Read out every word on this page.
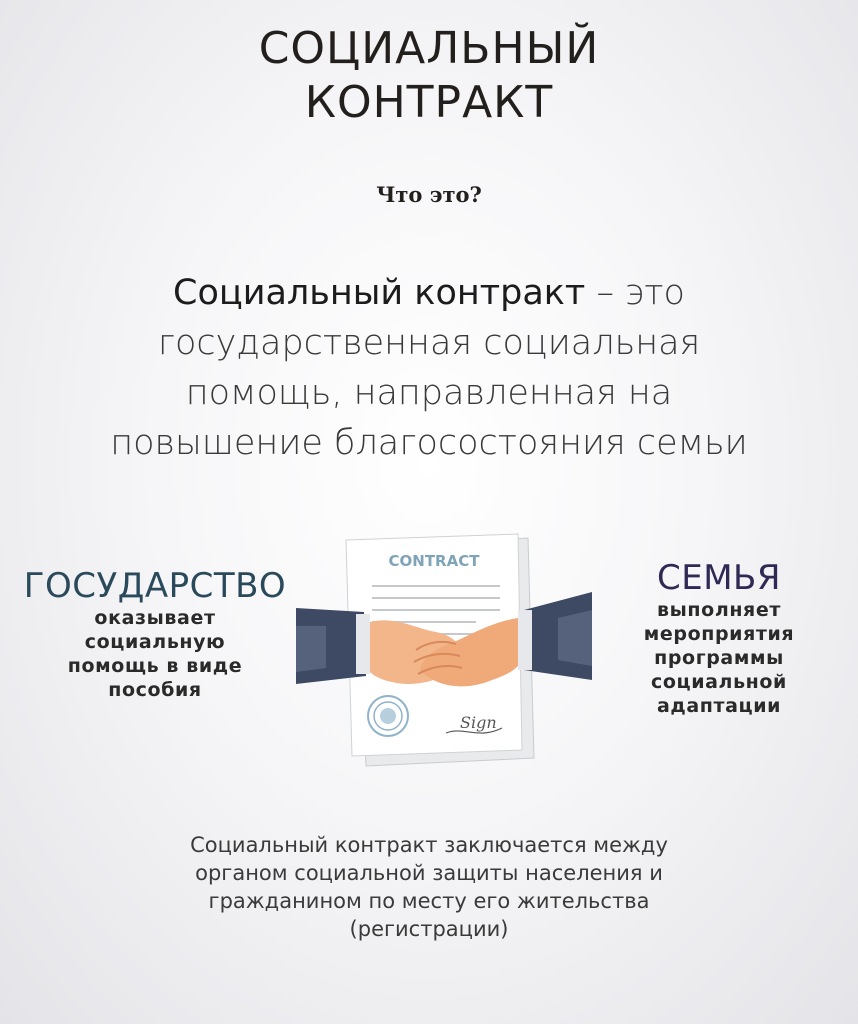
СОЦИАЛЬНЫЙ
КОНТРАКТ
Что это?
Социальный контракт – это
государственная социальная
помощь, направленная на
повышение благосостояния семьи
ГОСУДАРСТВО
оказывает
социальную
помощь в виде
пособия
CONTRACT
Sign
СЕМЬЯ
выполняет
мероприятия
программы
социальной
адаптации
Социальный контракт заключается между
органом социальной защиты населения и
гражданином по месту его жительства
(регистрации)
